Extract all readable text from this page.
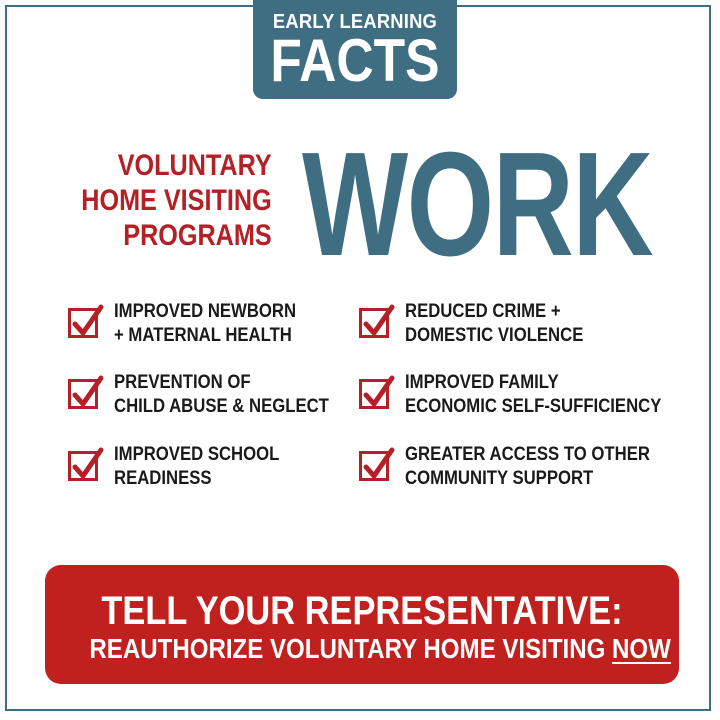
EARLY LEARNING
FACTS
VOLUNTARY
HOME VISITING
PROGRAMS WORK
IMPROVED NEWBORN
+ MATERNAL HEALTH
PREVENTION OF
CHILD ABUSE & NEGLECT
IMPROVED SCHOOL
READINESS
REDUCED CRIME +
DOMESTIC VIOLENCE
IMPROVED FAMILY
ECONOMIC SELF-SUFFICIENCY
GREATER ACCESS TO OTHER
COMMUNITY SUPPORT
TELL YOUR REPRESENTATIVE:
REAUTHORIZE VOLUNTARY HOME VISITING NOW
